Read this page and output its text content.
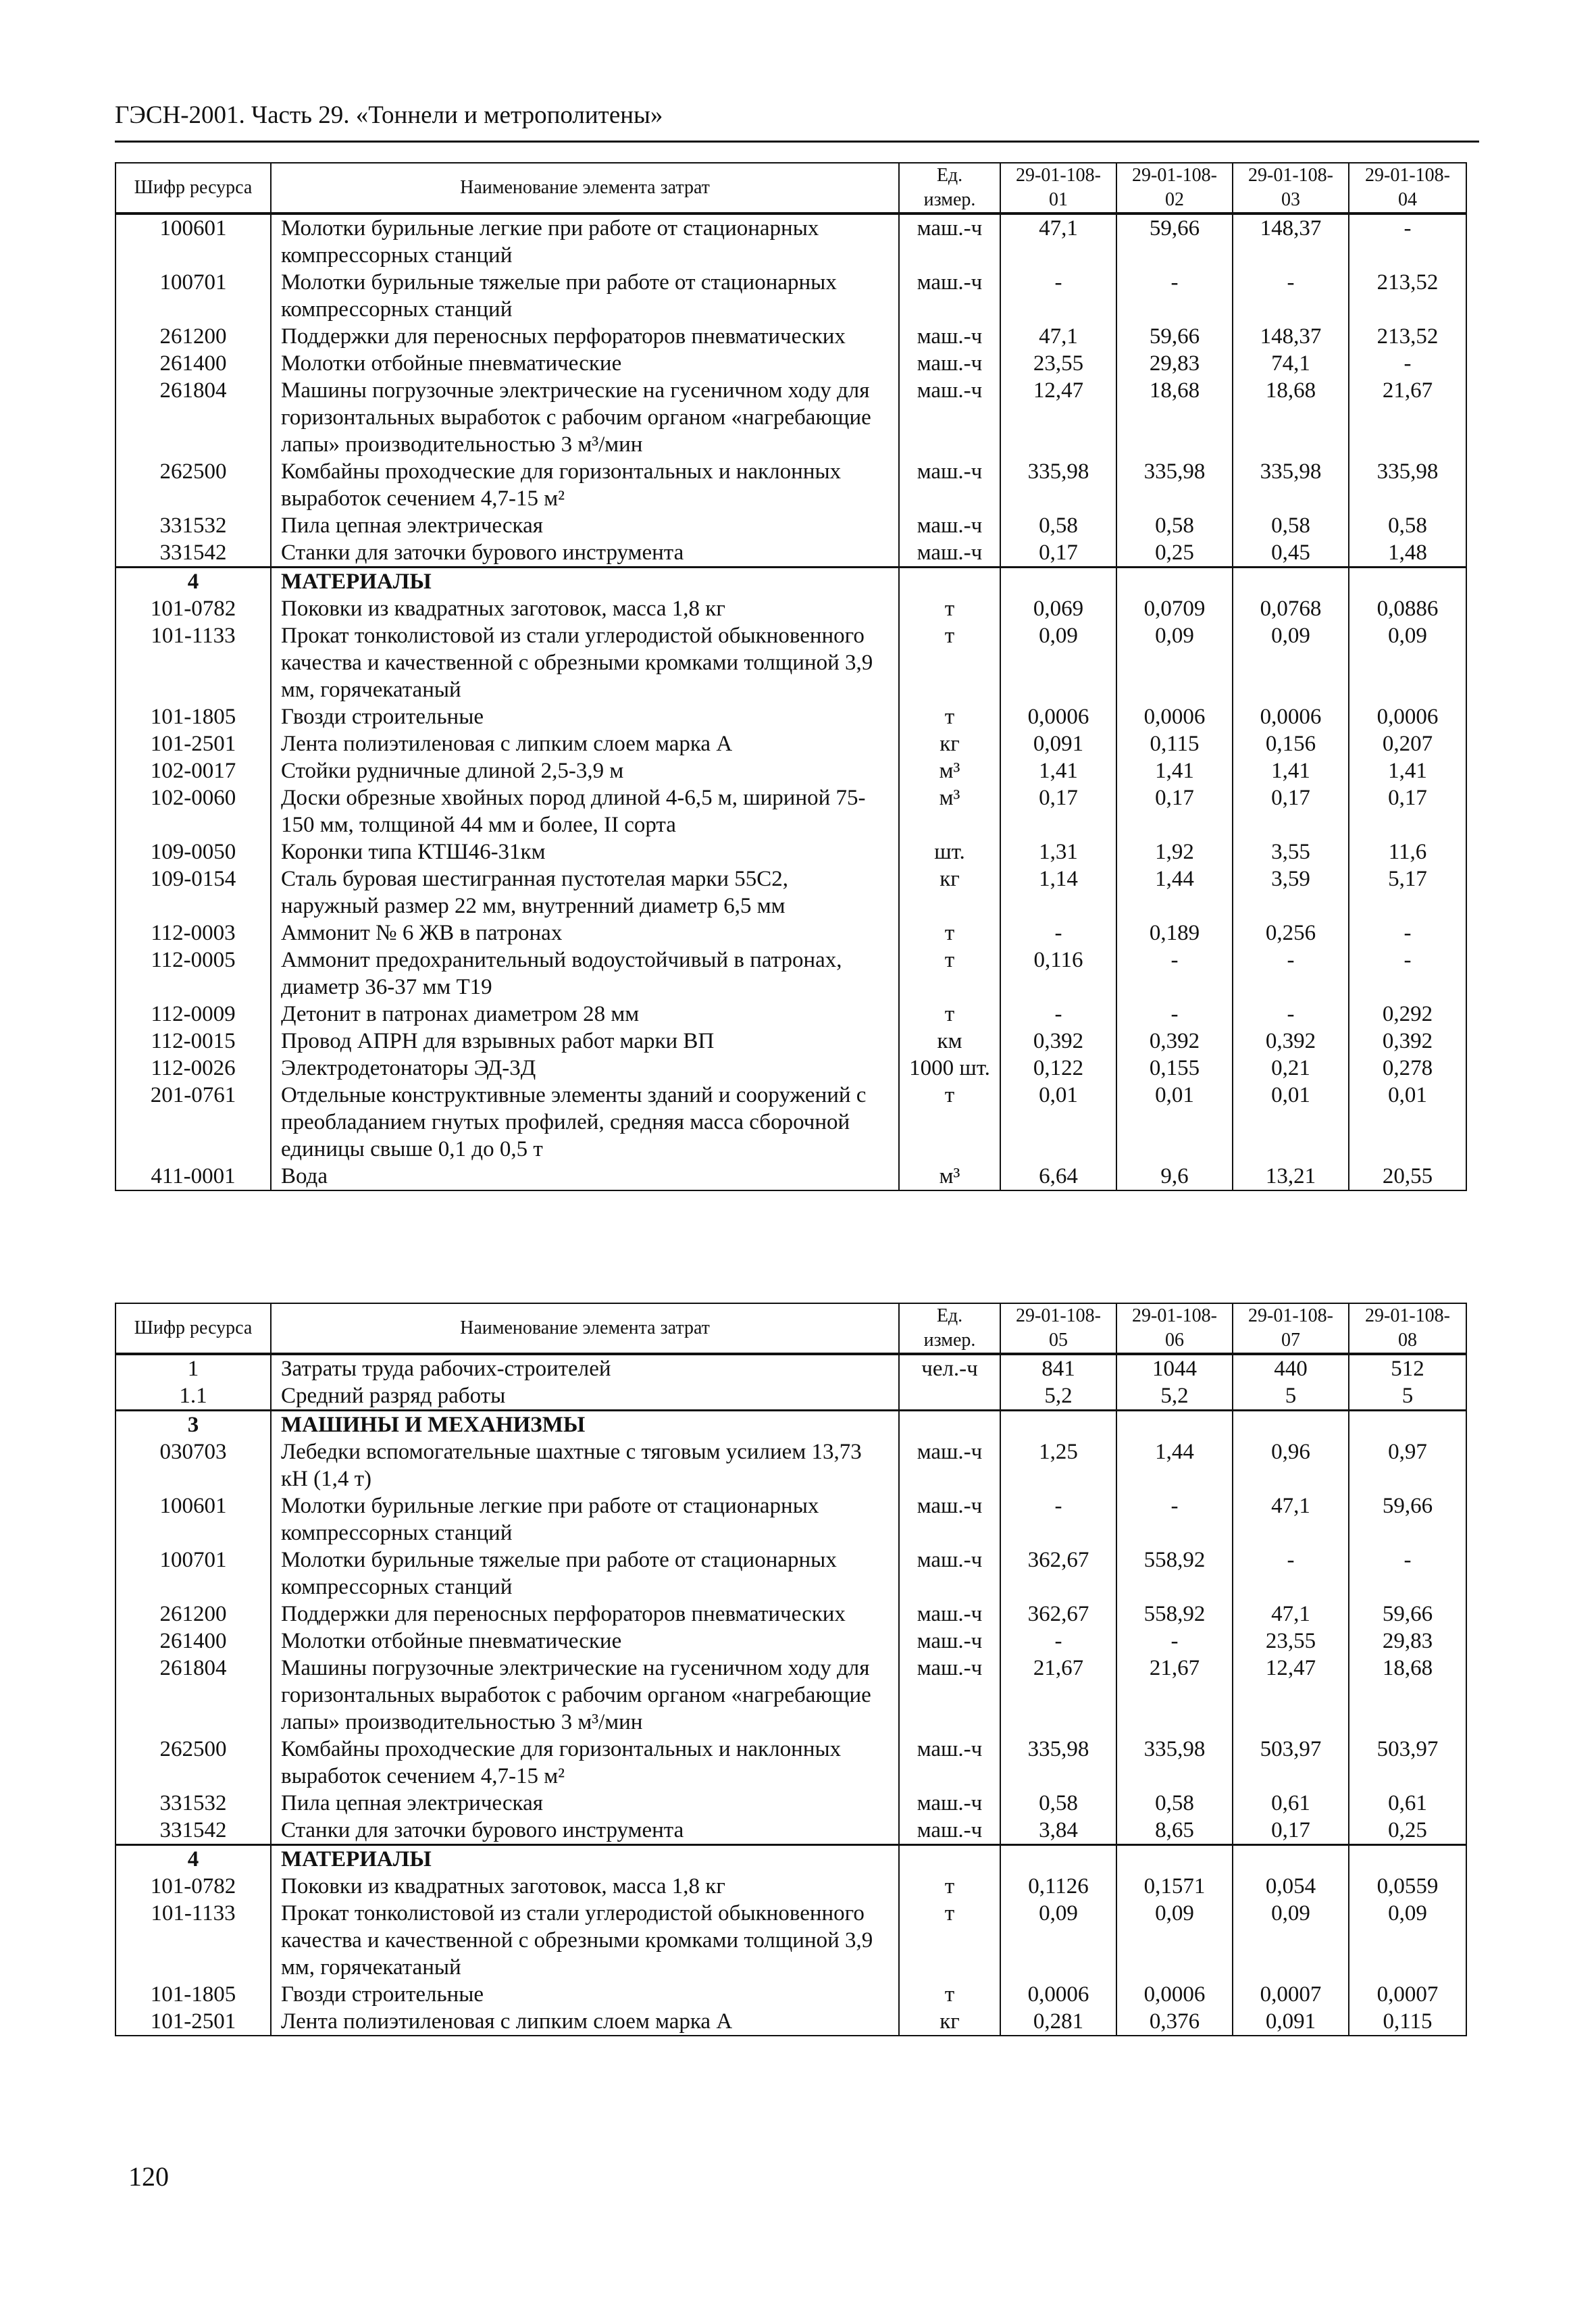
ГЭСН-2001. Часть 29. «Тоннели и метрополитены»
Шифр ресурса	Наименование элемента затрат	Ед. измер.	29-01-108-01	29-01-108-02	29-01-108-03	29-01-108-04
100601	Молотки бурильные легкие при работе от стационарных компрессорных станций	маш.-ч	47,1	59,66	148,37	-
100701	Молотки бурильные тяжелые при работе от стационарных компрессорных станций	маш.-ч	-	-	-	213,52
261200	Поддержки для переносных перфораторов пневматических	маш.-ч	47,1	59,66	148,37	213,52
261400	Молотки отбойные пневматические	маш.-ч	23,55	29,83	74,1	-
261804	Машины погрузочные электрические на гусеничном ходу для горизонтальных выработок с рабочим органом «нагребающие лапы» производительностью 3 м³/мин	маш.-ч	12,47	18,68	18,68	21,67
262500	Комбайны проходческие для горизонтальных и наклонных выработок сечением 4,7-15 м²	маш.-ч	335,98	335,98	335,98	335,98
331532	Пила цепная электрическая	маш.-ч	0,58	0,58	0,58	0,58
331542	Станки для заточки бурового инструмента	маш.-ч	0,17	0,25	0,45	1,48
4	МАТЕРИАЛЫ					
101-0782	Поковки из квадратных заготовок, масса 1,8 кг	т	0,069	0,0709	0,0768	0,0886
101-1133	Прокат тонколистовой из стали углеродистой обыкновенного качества и качественной с обрезными кромками толщиной 3,9 мм, горячекатаный	т	0,09	0,09	0,09	0,09
101-1805	Гвозди строительные	т	0,0006	0,0006	0,0006	0,0006
101-2501	Лента полиэтиленовая с липким слоем марка А	кг	0,091	0,115	0,156	0,207
102-0017	Стойки рудничные длиной 2,5-3,9 м	м³	1,41	1,41	1,41	1,41
102-0060	Доски обрезные хвойных пород длиной 4-6,5 м, шириной 75-150 мм, толщиной 44 мм и более, II сорта	м³	0,17	0,17	0,17	0,17
109-0050	Коронки типа КТШ46-31км	шт.	1,31	1,92	3,55	11,6
109-0154	Сталь буровая шестигранная пустотелая марки 55С2, наружный размер 22 мм, внутренний диаметр 6,5 мм	кг	1,14	1,44	3,59	5,17
112-0003	Аммонит № 6 ЖВ в патронах	т	-	0,189	0,256	-
112-0005	Аммонит предохранительный водоустойчивый в патронах, диаметр 36-37 мм Т19	т	0,116	-	-	-
112-0009	Детонит в патронах диаметром 28 мм	т	-	-	-	0,292
112-0015	Провод АПРН для взрывных работ марки ВП	км	0,392	0,392	0,392	0,392
112-0026	Электродетонаторы ЭД-3Д	1000 шт.	0,122	0,155	0,21	0,278
201-0761	Отдельные конструктивные элементы зданий и сооружений с преобладанием гнутых профилей, средняя масса сборочной единицы свыше 0,1 до 0,5 т	т	0,01	0,01	0,01	0,01
411-0001	Вода	м³	6,64	9,6	13,21	20,55
Шифр ресурса	Наименование элемента затрат	Ед. измер.	29-01-108-05	29-01-108-06	29-01-108-07	29-01-108-08
1	Затраты труда рабочих-строителей	чел.-ч	841	1044	440	512
1.1	Средний разряд работы		5,2	5,2	5	5
3	МАШИНЫ И МЕХАНИЗМЫ					
030703	Лебедки вспомогательные шахтные с тяговым усилием 13,73 кН (1,4 т)	маш.-ч	1,25	1,44	0,96	0,97
100601	Молотки бурильные легкие при работе от стационарных компрессорных станций	маш.-ч	-	-	47,1	59,66
100701	Молотки бурильные тяжелые при работе от стационарных компрессорных станций	маш.-ч	362,67	558,92	-	-
261200	Поддержки для переносных перфораторов пневматических	маш.-ч	362,67	558,92	47,1	59,66
261400	Молотки отбойные пневматические	маш.-ч	-	-	23,55	29,83
261804	Машины погрузочные электрические на гусеничном ходу для горизонтальных выработок с рабочим органом «нагребающие лапы» производительностью 3 м³/мин	маш.-ч	21,67	21,67	12,47	18,68
262500	Комбайны проходческие для горизонтальных и наклонных выработок сечением 4,7-15 м²	маш.-ч	335,98	335,98	503,97	503,97
331532	Пила цепная электрическая	маш.-ч	0,58	0,58	0,61	0,61
331542	Станки для заточки бурового инструмента	маш.-ч	3,84	8,65	0,17	0,25
4	МАТЕРИАЛЫ					
101-0782	Поковки из квадратных заготовок, масса 1,8 кг	т	0,1126	0,1571	0,054	0,0559
101-1133	Прокат тонколистовой из стали углеродистой обыкновенного качества и качественной с обрезными кромками толщиной 3,9 мм, горячекатаный	т	0,09	0,09	0,09	0,09
101-1805	Гвозди строительные	т	0,0006	0,0006	0,0007	0,0007
101-2501	Лента полиэтиленовая с липким слоем марка А	кг	0,281	0,376	0,091	0,115
120
